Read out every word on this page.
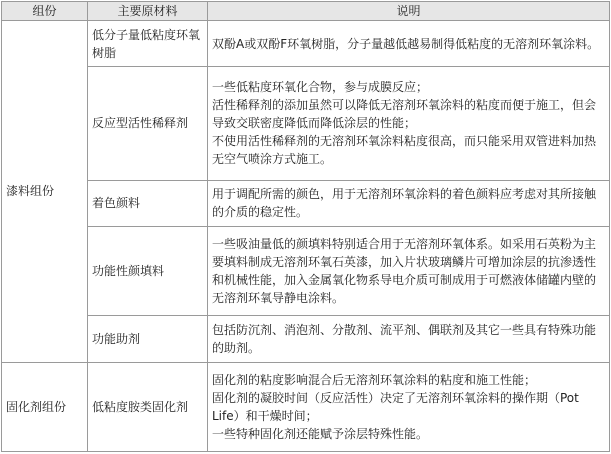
组份	主要原材料	说明
漆料组份	低分子量低粘度环氧树脂	双酚A或双酚F环氧树脂，分子量越低越易制得低粘度的无溶剂环氧涂料。

	反应型活性稀释剂	一些低粘度环氧化合物，参与成膜反应；
活性稀释剂的添加虽然可以降低无溶剂环氧涂料的粘度而便于施工，但会导致交联密度降低而降低涂层的性能；
不使用活性稀释剂的无溶剂环氧涂料粘度很高，而只能采用双管进料加热无空气喷涂方式施工。

	着色颜料	用于调配所需的颜色，用于无溶剂环氧涂料的着色颜料应考虑对其所接触的介质的稳定性。

	功能性颜填料	一些吸油量低的颜填料特别适合用于无溶剂环氧体系。如采用石英粉为主要填料制成无溶剂环氧石英漆，加入片状玻璃鳞片可增加涂层的抗渗透性和机械性能，加入金属氧化物系导电介质可制成用于可燃液体储罐内壁的无溶剂环氧导静电涂料。

	功能助剂	包括防沉剂、消泡剂、分散剂、流平剂、偶联剂及其它一些具有特殊功能的助剂。

固化剂组份	低粘度胺类固化剂	固化剂的粘度影响混合后无溶剂环氧涂料的粘度和施工性能；
固化剂的凝胶时间（反应活性）决定了无溶剂环氧涂料的操作期（Pot Life）和干燥时间；
一些特种固化剂还能赋予涂层特殊性能。
